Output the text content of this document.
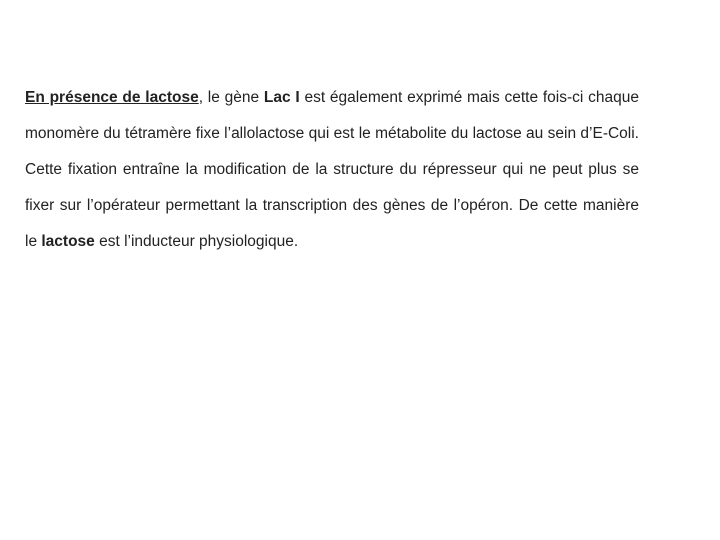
En présence de lactose, le gène Lac I est également exprimé mais cette fois-ci chaque monomère du tétramère fixe l’allolactose qui est le métabolite du lactose au sein d’E-Coli. Cette fixation entraîne la modification de la structure du répresseur qui ne peut plus se fixer sur l’opérateur permettant la transcription des gènes de l’opéron. De cette manière le lactose est l’inducteur physiologique.
